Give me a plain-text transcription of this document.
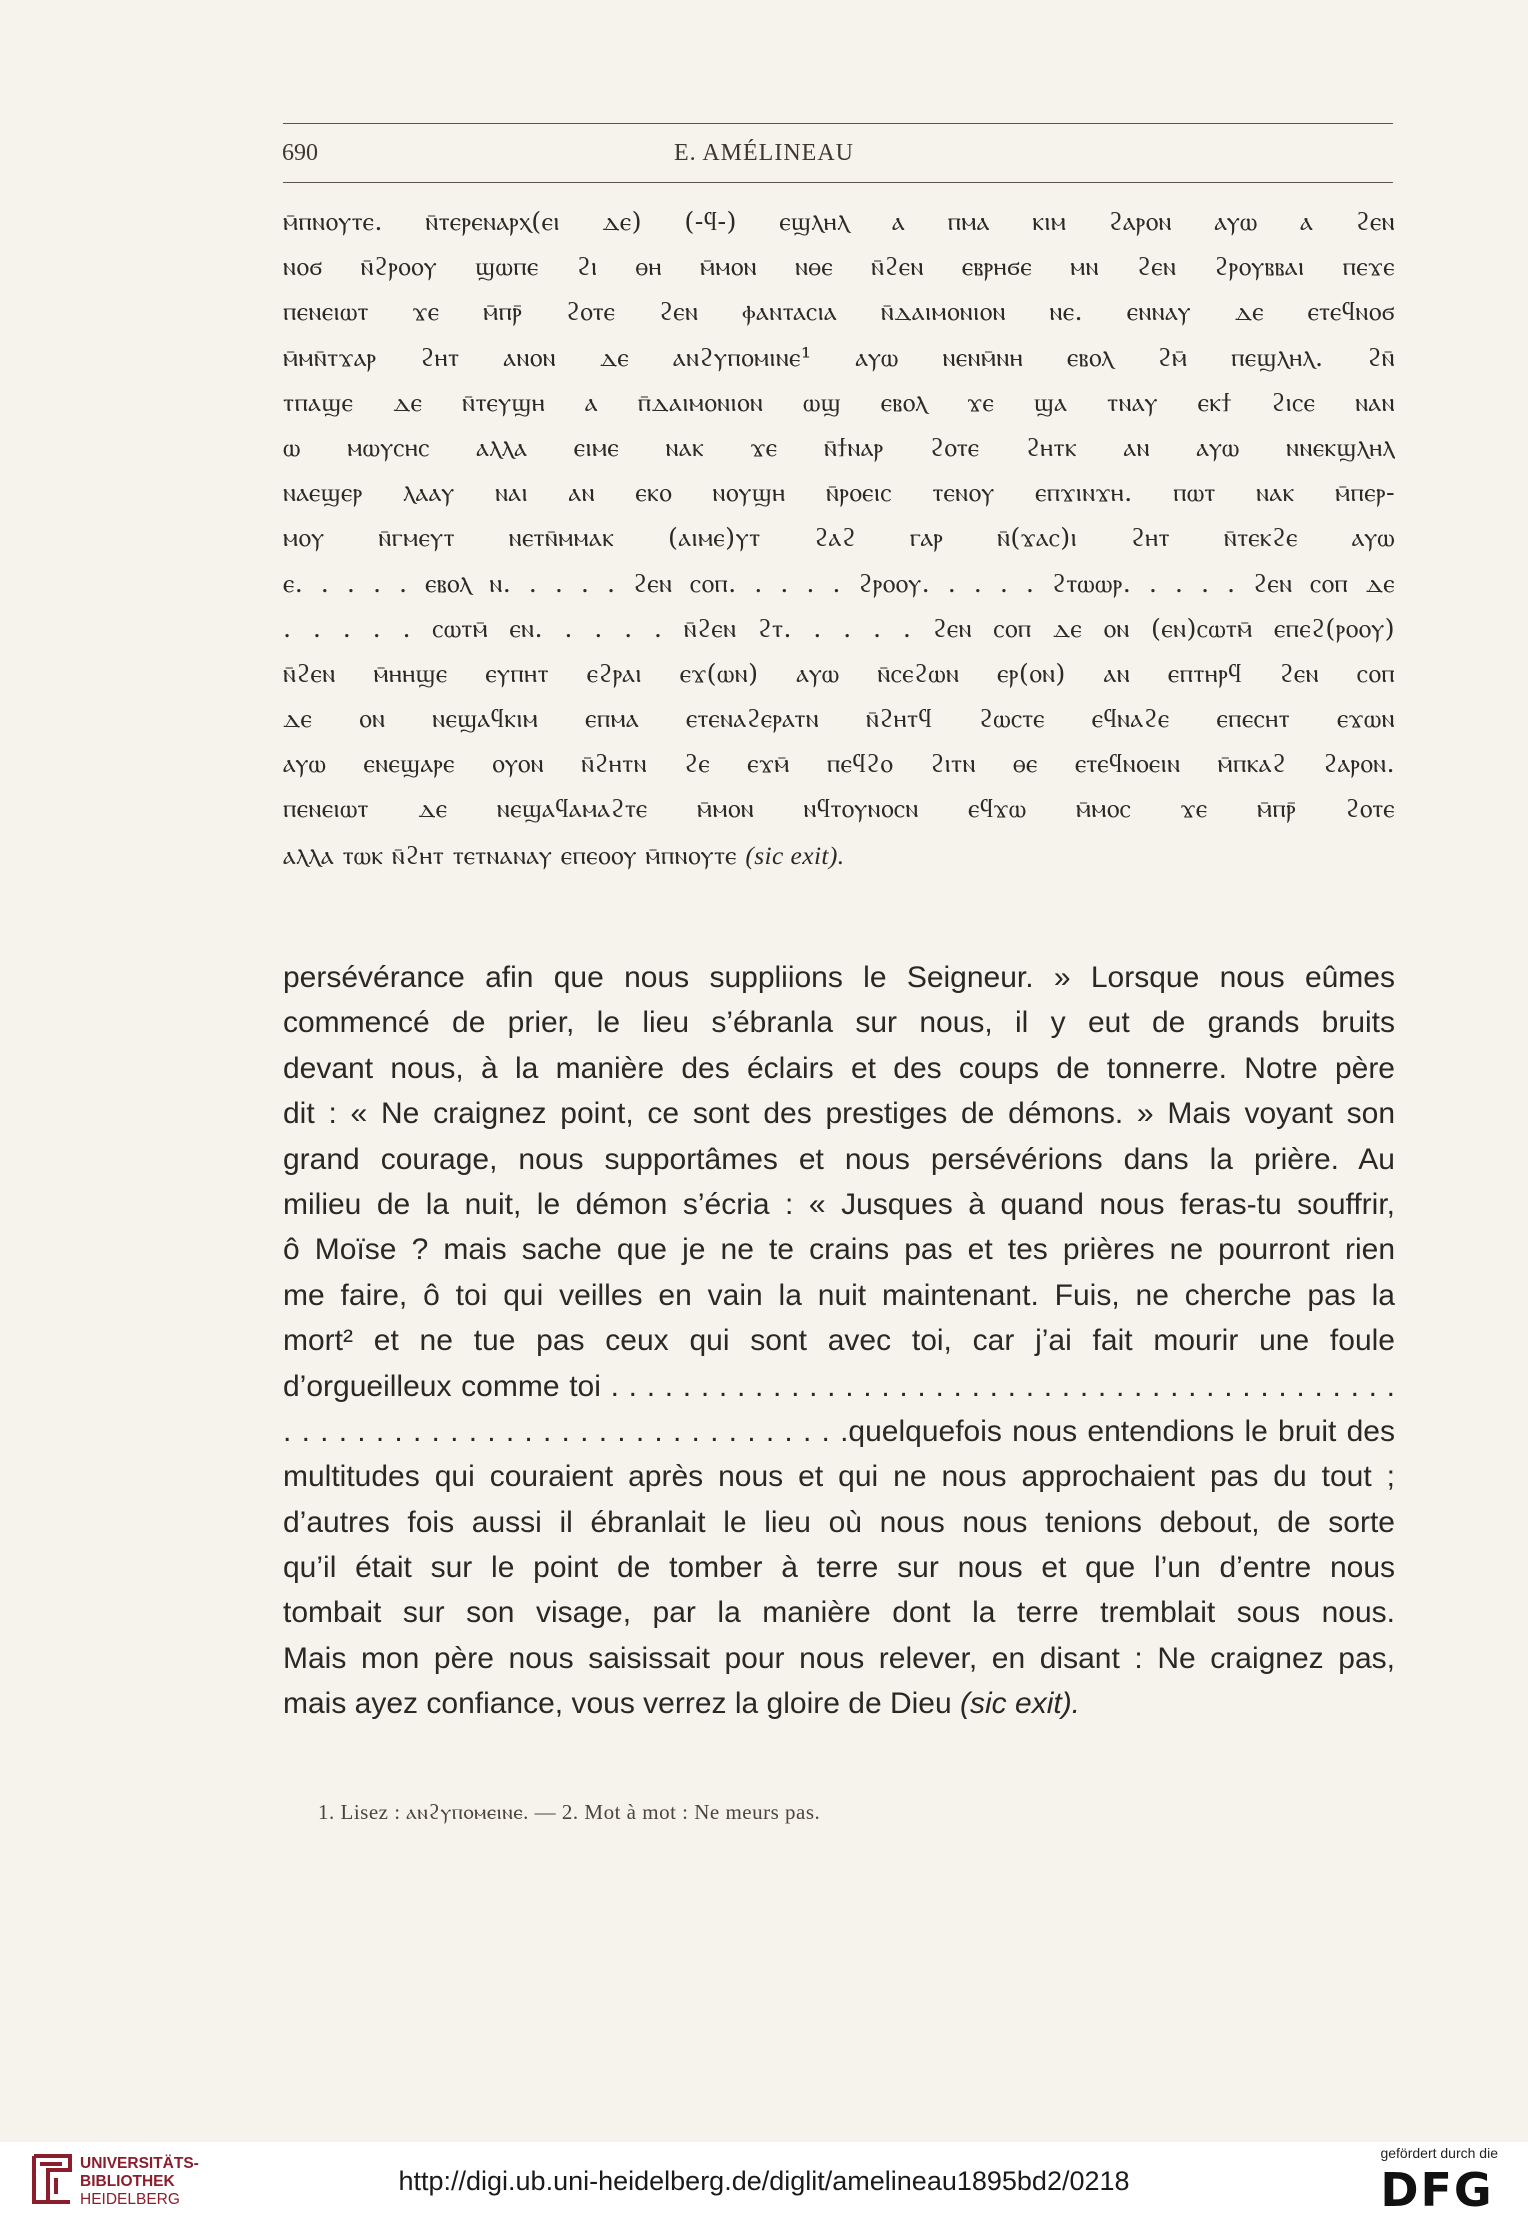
690	E. AMÉLINEAU
ⲙ̄ⲡⲛⲟⲩⲧⲉ. ⲛ̄ⲧⲉⲣⲉⲛⲁⲣⲭ(ⲉⲓ ⲇⲉ) (-ϥ-) ⲉϣⲗⲏⲗ ⲁ ⲡⲙⲁ ⲕⲓⲙ ϩⲁⲣⲟⲛ ⲁⲩⲱ ⲁ ϩⲉⲛ
ⲛⲟϭ ⲛ̄ϩⲣⲟⲟⲩ ϣⲱⲡⲉ ϩⲓ ⲑⲏ ⲙ̄ⲙⲟⲛ ⲛⲑⲉ ⲛ̄ϩⲉⲛ ⲉⲃⲣⲏϭⲉ ⲙⲛ ϩⲉⲛ ϩⲣⲟⲩⲃⲃⲁⲓ ⲡⲉϫⲉ
ⲡⲉⲛⲉⲓⲱⲧ ϫⲉ ⲙ̄ⲡⲣ̄ ϩⲟⲧⲉ ϩⲉⲛ ⲫⲁⲛⲧⲁⲥⲓⲁ ⲛ̄ⲇⲁⲓⲙⲟⲛⲓⲟⲛ ⲛⲉ. ⲉⲛⲛⲁⲩ ⲇⲉ ⲉⲧⲉϥⲛⲟϭ
ⲙ̄ⲙⲛ̄ⲧϫⲁⲣ ϩⲏⲧ ⲁⲛⲟⲛ ⲇⲉ ⲁⲛϩⲩⲡⲟⲙⲓⲛⲉ¹ ⲁⲩⲱ ⲛⲉⲛⲙ̄ⲛⲏ ⲉⲃⲟⲗ ϩⲙ̄ ⲡⲉϣⲗⲏⲗ. ϩⲛ̄
ⲧⲡⲁϣⲉ ⲇⲉ ⲛ̄ⲧⲉⲩϣⲏ ⲁ ⲡ̄ⲇⲁⲓⲙⲟⲛⲓⲟⲛ ⲱϣ ⲉⲃⲟⲗ ϫⲉ ϣⲁ ⲧⲛⲁⲩ ⲉⲕϯ ϩⲓⲥⲉ ⲛⲁⲛ
ⲱ ⲙⲱⲩⲥⲏⲥ ⲁⲗⲗⲁ ⲉⲓⲙⲉ ⲛⲁⲕ ϫⲉ ⲛ̄ϯⲛⲁⲣ ϩⲟⲧⲉ ϩⲏⲧⲕ ⲁⲛ ⲁⲩⲱ ⲛⲛⲉⲕϣⲗⲏⲗ
ⲛⲁⲉϣⲉⲣ ⲗⲁⲁⲩ ⲛⲁⲓ ⲁⲛ ⲉⲕⲟ ⲛⲟⲩϣⲏ ⲛ̄ⲣⲟⲉⲓⲥ ⲧⲉⲛⲟⲩ ⲉⲡϫⲓⲛϫⲏ. ⲡⲱⲧ ⲛⲁⲕ ⲙ̄ⲡⲉⲣ-
ⲙⲟⲩ ⲛ̄ⲅⲙⲉⲩⲧ ⲛⲉⲧⲛ̄ⲙⲙⲁⲕ (ⲁⲓⲙⲉ)ⲩⲧ ϩⲁϩ ⲅⲁⲣ ⲛ̄(ϫⲁⲥ)ⲓ ϩⲏⲧ ⲛ̄ⲧⲉⲕϩⲉ ⲁⲩⲱ
ⲉ. . . . . ⲉⲃⲟⲗ ⲛ. . . . . ϩⲉⲛ ⲥⲟⲡ. . . . . ϩⲣⲟⲟⲩ. . . . . ϩⲧⲱⲱⲣ. . . . . ϩⲉⲛ ⲥⲟⲡ ⲇⲉ
. . . . . ⲥⲱⲧⲙ̄ ⲉⲛ. . . . . ⲛ̄ϩⲉⲛ ϩⲧ. . . . . ϩⲉⲛ ⲥⲟⲡ ⲇⲉ ⲟⲛ (ⲉⲛ)ⲥⲱⲧⲙ̄ ⲉⲡⲉϩ(ⲣⲟⲟⲩ)
ⲛ̄ϩⲉⲛ ⲙ̄ⲏⲏϣⲉ ⲉⲩⲡⲏⲧ ⲉϩⲣⲁⲓ ⲉϫ(ⲱⲛ) ⲁⲩⲱ ⲛ̄ⲥⲉϩⲱⲛ ⲉⲣ(ⲟⲛ) ⲁⲛ ⲉⲡⲧⲏⲣϥ ϩⲉⲛ ⲥⲟⲡ
ⲇⲉ ⲟⲛ ⲛⲉϣⲁϥⲕⲓⲙ ⲉⲡⲙⲁ ⲉⲧⲉⲛⲁϩⲉⲣⲁⲧⲛ ⲛ̄ϩⲏⲧϥ ϩⲱⲥⲧⲉ ⲉϥⲛⲁϩⲉ ⲉⲡⲉⲥⲏⲧ ⲉϫⲱⲛ
ⲁⲩⲱ ⲉⲛⲉϣⲁⲣⲉ ⲟⲩⲟⲛ ⲛ̄ϩⲏⲧⲛ ϩⲉ ⲉϫⲙ̄ ⲡⲉϥϩⲟ ϩⲓⲧⲛ ⲑⲉ ⲉⲧⲉϥⲛⲟⲉⲓⲛ ⲙ̄ⲡⲕⲁϩ ϩⲁⲣⲟⲛ.
ⲡⲉⲛⲉⲓⲱⲧ ⲇⲉ ⲛⲉϣⲁϥⲁⲙⲁϩⲧⲉ ⲙ̄ⲙⲟⲛ ⲛϥⲧⲟⲩⲛⲟⲥⲛ ⲉϥϫⲱ ⲙ̄ⲙⲟⲥ ϫⲉ ⲙ̄ⲡⲣ̄ ϩⲟⲧⲉ
ⲁⲗⲗⲁ ⲧⲱⲕ ⲛ̄ϩⲏⲧ ⲧⲉⲧⲛⲁⲛⲁⲩ ⲉⲡⲉⲟⲟⲩ ⲙ̄ⲡⲛⲟⲩⲧⲉ (sic exit).
persévérance afin que nous suppliions le Seigneur. » Lorsque nous eûmes
commencé de prier, le lieu s’ébranla sur nous, il y eut de grands bruits
devant nous, à la manière des éclairs et des coups de tonnerre. Notre père
dit : « Ne craignez point, ce sont des prestiges de démons. » Mais voyant son
grand courage, nous supportâmes et nous persévérions dans la prière. Au
milieu de la nuit, le démon s’écria : « Jusques à quand nous feras-tu souffrir,
ô Moïse ? mais sache que je ne te crains pas et tes prières ne pourront rien
me faire, ô toi qui veilles en vain la nuit maintenant. Fuis, ne cherche pas la
mort² et ne tue pas ceux qui sont avec toi, car j’ai fait mourir une foule
d’orgueilleux comme toi . . . . . . . . . . . . . . . . . . . . . . . . . . . . . . . . . . . . . . . . . . . .
. . . . . . . . . . . . . . . . . . . . . . . . . . . . . . .quelquefois nous entendions le bruit des
multitudes qui couraient après nous et qui ne nous approchaient pas du tout ;
d’autres fois aussi il ébranlait le lieu où nous nous tenions debout, de sorte
qu’il était sur le point de tomber à terre sur nous et que l’un d’entre nous
tombait sur son visage, par la manière dont la terre tremblait sous nous.
Mais mon père nous saisissait pour nous relever, en disant : Ne craignez pas,
mais ayez confiance, vous verrez la gloire de Dieu (sic exit).
1. Lisez : ⲁⲛϩⲩⲡⲟⲙⲉⲓⲛⲉ. — 2. Mot à mot : Ne meurs pas.
UNIVERSITÄTS-
BIBLIOTHEK
HEIDELBERG
http://digi.ub.uni-heidelberg.de/diglit/amelineau1895bd2/0218
gefördert durch die
DFG
